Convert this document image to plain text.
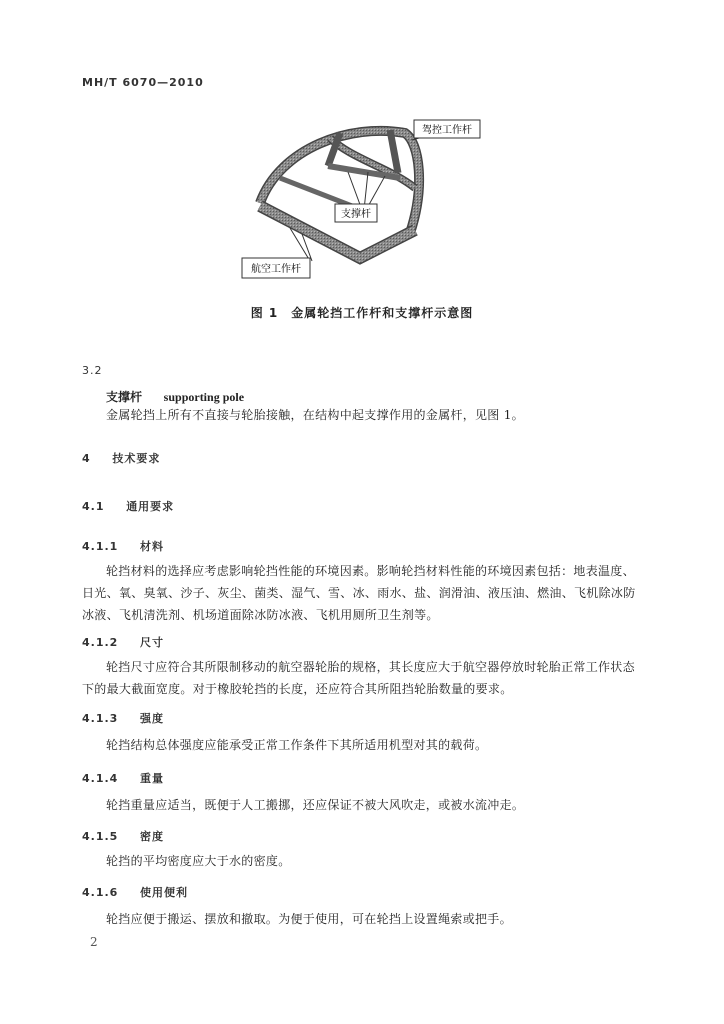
MH/T 6070—2010
驾控工作杆
支撑杆
航空工作杆
图 1　金属轮挡工作杆和支撑杆示意图
3.2
支撑杆 supporting pole
金属轮挡上所有不直接与轮胎接触，在结构中起支撑作用的金属杆，见图 1。
4 技术要求
4.1 通用要求
4.1.1 材料
轮挡材料的选择应考虑影响轮挡性能的环境因素。影响轮挡材料性能的环境因素包括：地表温度、日光、氧、臭氧、沙子、灰尘、菌类、湿气、雪、冰、雨水、盐、润滑油、液压油、燃油、飞机除冰防冰液、飞机清洗剂、机场道面除冰防冰液、飞机用厕所卫生剂等。
4.1.2 尺寸
轮挡尺寸应符合其所限制移动的航空器轮胎的规格，其长度应大于航空器停放时轮胎正常工作状态下的最大截面宽度。对于橡胶轮挡的长度，还应符合其所阻挡轮胎数量的要求。
4.1.3 强度
轮挡结构总体强度应能承受正常工作条件下其所适用机型对其的载荷。
4.1.4 重量
轮挡重量应适当，既便于人工搬挪，还应保证不被大风吹走，或被水流冲走。
4.1.5 密度
轮挡的平均密度应大于水的密度。
4.1.6 使用便利
轮挡应便于搬运、摆放和撤取。为便于使用，可在轮挡上设置绳索或把手。
2
